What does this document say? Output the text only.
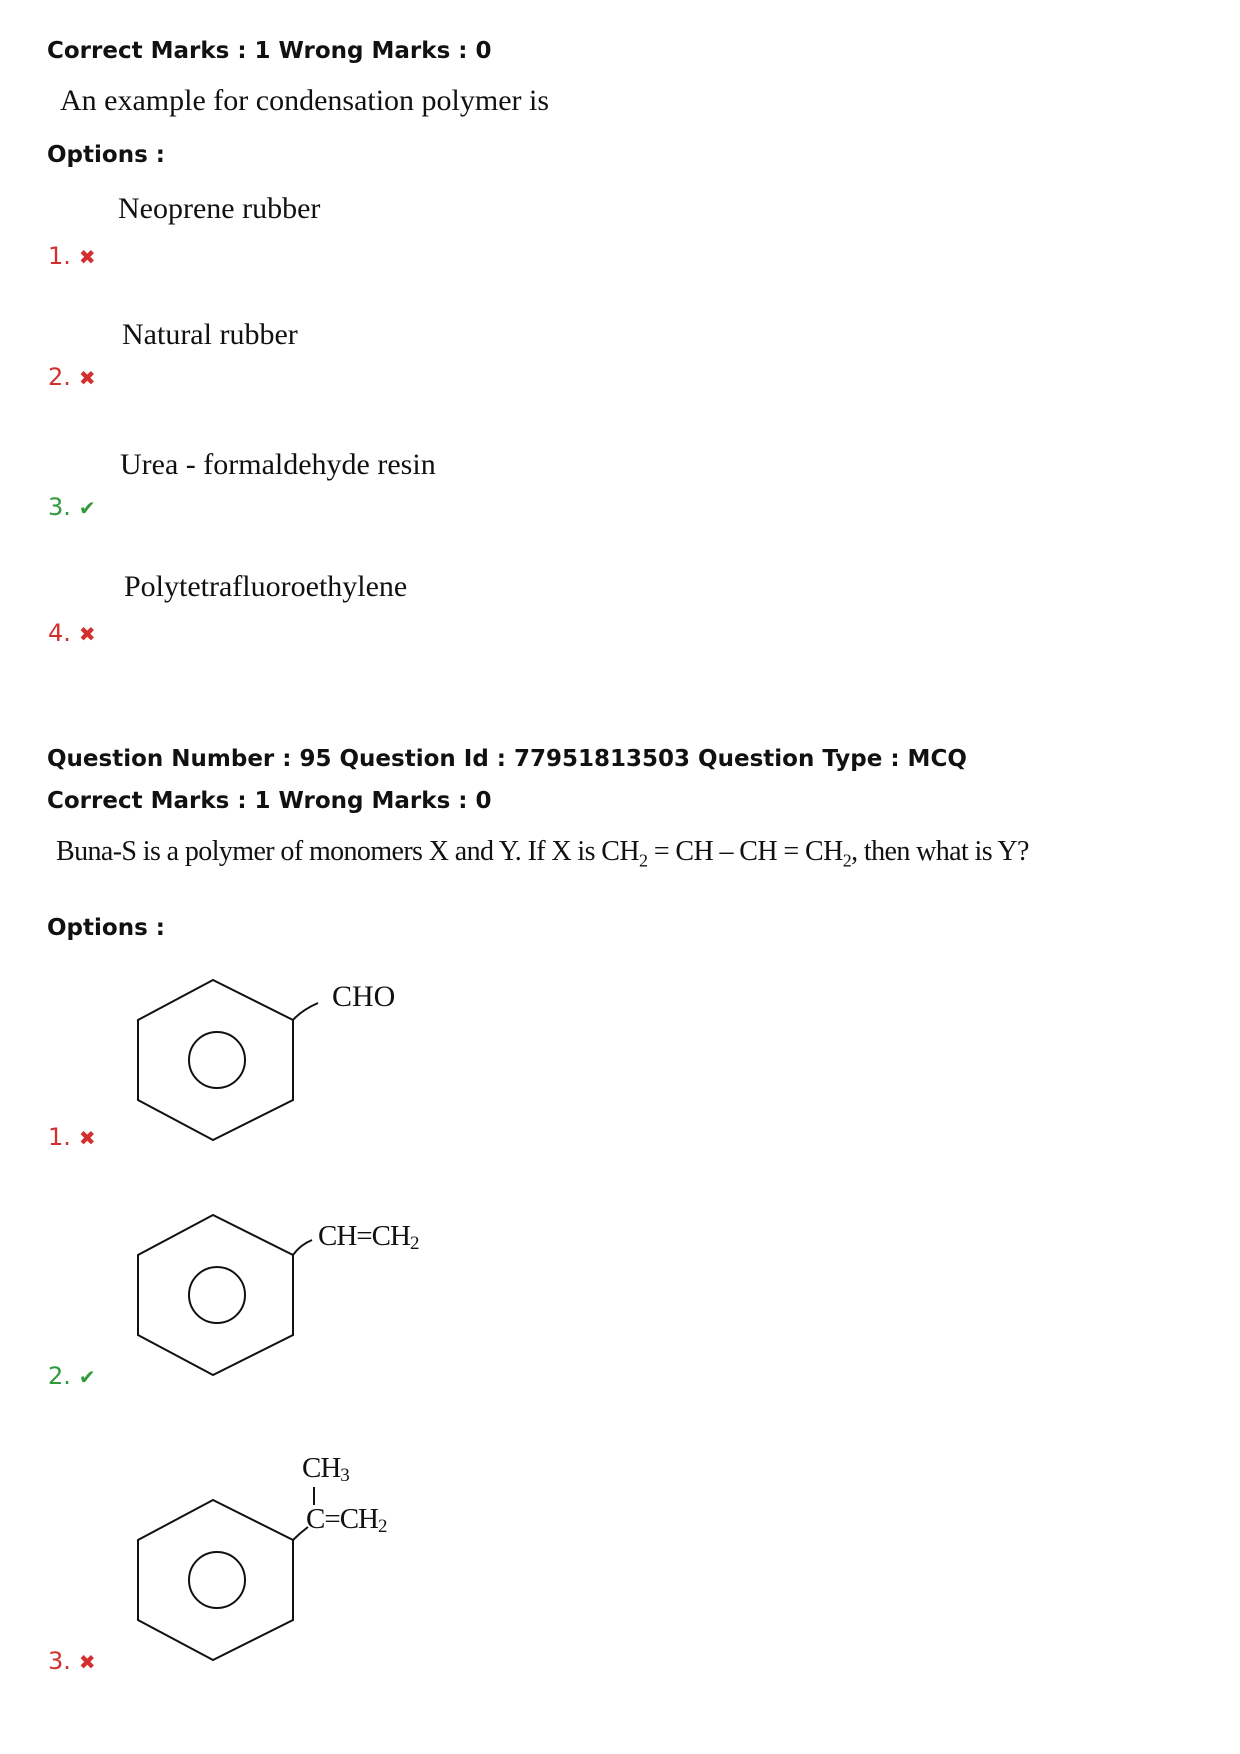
Correct Marks : 1 Wrong Marks : 0
An example for condensation polymer is
Options :
Neoprene rubber
1. ✖
Natural rubber
2. ✖
Urea - formaldehyde resin
3. ✔
Polytetrafluoroethylene
4. ✖
Question Number : 95 Question Id : 77951813503 Question Type : MCQ
Correct Marks : 1 Wrong Marks : 0
Buna-S is a polymer of monomers X and Y. If X is $CH_2$ = CH – CH = $CH_2$, then what is Y?
Options :
CHO
1. ✖
CH=CH2
2. ✔
CH3
C=CH2
3. ✖
